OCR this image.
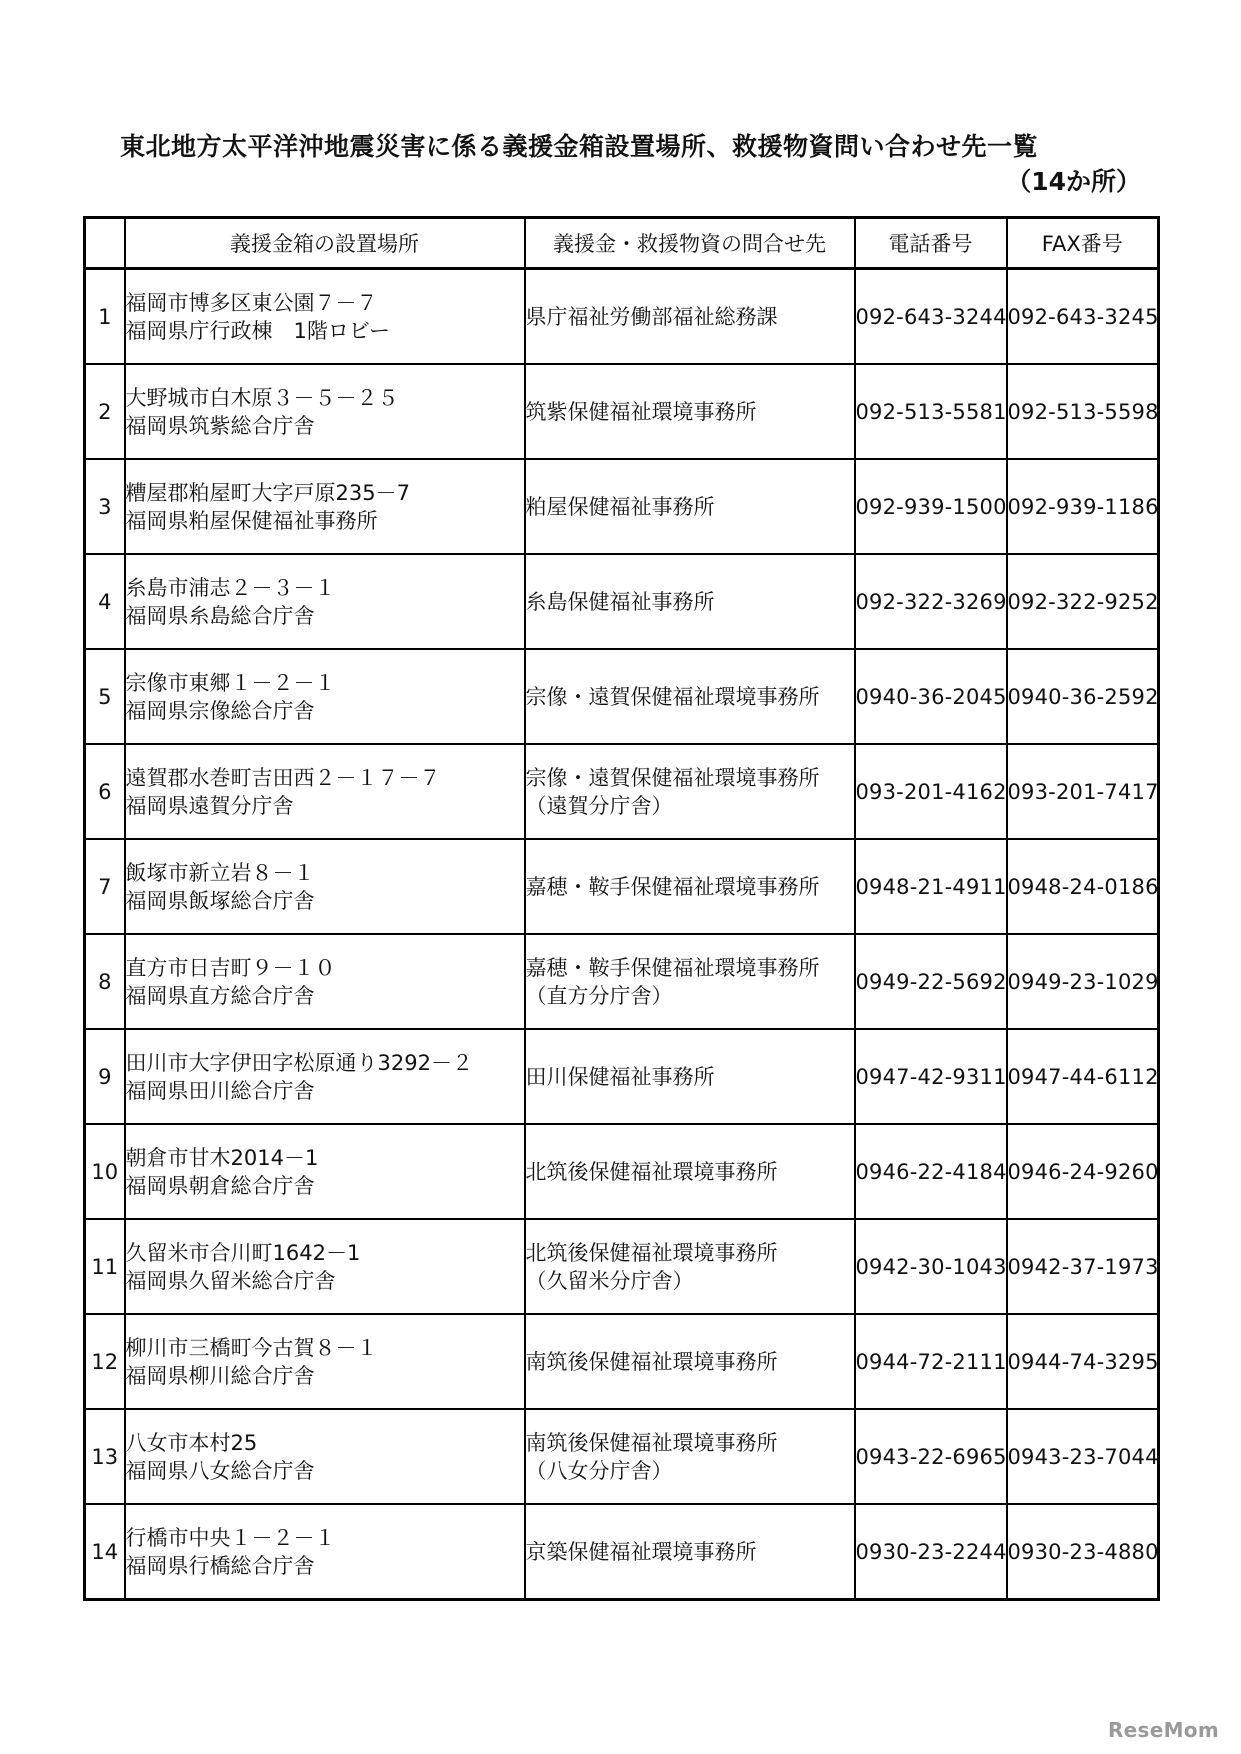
東北地方太平洋沖地震災害に係る義援金箱設置場所、救援物資問い合わせ先一覧
（14か所）
	義援金箱の設置場所	義援金・救援物資の問合せ先	電話番号	FAX番号
1	福岡市博多区東公園７－７
福岡県庁行政棟　1階ロビー	県庁福祉労働部福祉総務課	092-643-3244	092-643-3245
2	大野城市白木原３－５－２５
福岡県筑紫総合庁舎	筑紫保健福祉環境事務所	092-513-5581	092-513-5598
3	糟屋郡粕屋町大字戸原235－7
福岡県粕屋保健福祉事務所	粕屋保健福祉事務所	092-939-1500	092-939-1186
4	糸島市浦志２－３－１
福岡県糸島総合庁舎	糸島保健福祉事務所	092-322-3269	092-322-9252
5	宗像市東郷１－２－１
福岡県宗像総合庁舎	宗像・遠賀保健福祉環境事務所	0940-36-2045	0940-36-2592
6	遠賀郡水巻町吉田西２－１７－７
福岡県遠賀分庁舎	宗像・遠賀保健福祉環境事務所
（遠賀分庁舎）	093-201-4162	093-201-7417
7	飯塚市新立岩８－１
福岡県飯塚総合庁舎	嘉穂・鞍手保健福祉環境事務所	0948-21-4911	0948-24-0186
8	直方市日吉町９－１０
福岡県直方総合庁舎	嘉穂・鞍手保健福祉環境事務所
（直方分庁舎）	0949-22-5692	0949-23-1029
9	田川市大字伊田字松原通り3292－２
福岡県田川総合庁舎	田川保健福祉事務所	0947-42-9311	0947-44-6112
10	朝倉市甘木2014－1
福岡県朝倉総合庁舎	北筑後保健福祉環境事務所	0946-22-4184	0946-24-9260
11	久留米市合川町1642－1
福岡県久留米総合庁舎	北筑後保健福祉環境事務所
（久留米分庁舎）	0942-30-1043	0942-37-1973
12	柳川市三橋町今古賀８－１
福岡県柳川総合庁舎	南筑後保健福祉環境事務所	0944-72-2111	0944-74-3295
13	八女市本村25
福岡県八女総合庁舎	南筑後保健福祉環境事務所
（八女分庁舎）	0943-22-6965	0943-23-7044
14	行橋市中央１－２－１
福岡県行橋総合庁舎	京築保健福祉環境事務所	0930-23-2244	0930-23-4880
ReseMom
